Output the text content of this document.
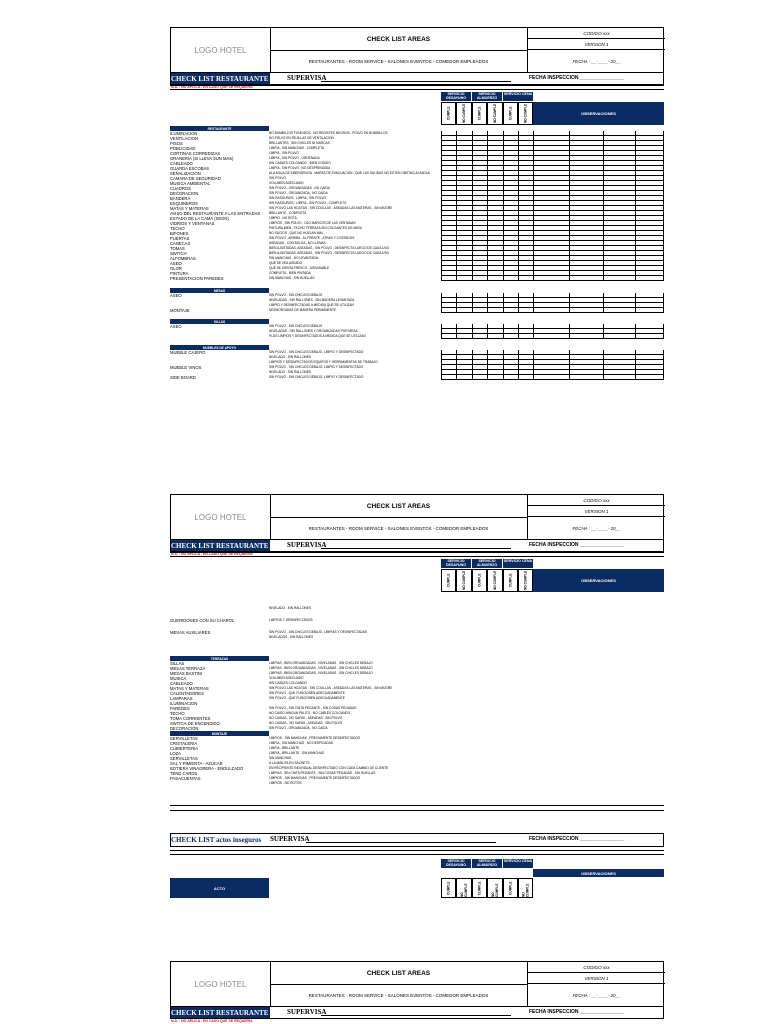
LOGO HOTEL
CHECK LIST AREAS
RESTAURANTES - ROOM SERVICE - SALONES EVENTOS - COMEDOR EMPLEADOS
CODIGO xxx
VERSION 1
FECHA : __-____- 20__
CHECK LIST RESTAURANTE	SUPERVISA	FECHA INSPECCION ________________
N.A. : NO APLICA , EN CASO QUE SE REQUIERA
SERVICIO DESAYUNO
SERVICIO ALMUERZO
SERVICIO CENA
OBSERVACIONES
CUMPLE	NO CUMPLE	CUMPLE	NO CUMPLE	CUMPLE	NO CUMPLE
RESTAURANTE
ILUMINACION	NO BOMBILLOS FUNDIDOS , NO REDISTES NEGROS , POLVO EN BOMBILLOS
VENTILACION	NO POLVO EN REJILLAS DE VENTILACION
PISOS	BRILLANTES , SIN CHICLES NI MARCAS
POBLICIDAD	LIMPIA , SIN MANCHAS , COMPLETA
CORTINAS CORREDIZAS	LIMPIA , SIN POLVO
GRANERIA (SI LLEVA SUN MAS)	LIMPIA , SIN POLVO , ORDENADA
CABLEADO	SIN CABLES COLGANDO , BIEN CODIDO
GUARDA ESCOBAS	LIMPIA , SIN POLVO , NO DESPRENDIDA
SEÑALIZACION	ALA AGUA DE EMERGENCIA , MAPAS DE EVACUACION , QUE LAS SALIDAS NO ESTEN OBSTACULIZADAS
CAMARA DE SEGURIDAD	SIN POLVO
MUSICA AMBIENTAL	VOLUMEN ADECUADO
CUADROS	SIN POLVO , ORGANIZADAS , NO CAIDA
DECORACION	SIN POLVO , ORGANIZADA , NO CAIDA
BANDERA	SIN RASGUÑOS , LIMPIA , SIN POLVO
ESQUINEROS	SIN RASGUÑOS , LIMPIA , SIN POLVO , COMPLETO
MATAS Y MATERAS	SIN POLVO LAS HOJITAS , SIN COLILLAS , ASEADAS LAS MATERAS , SIN MUGRE
AVISO DEL RESTAURANTE A LAS ENTRADAS	BRILLANTE , COMPLETA
ESTADO DE LA CAMA (SEGN)	LIMPIO , NO ROTA
VIDRIOS Y VENTANAS	LIMPIOS , SIN POLVO , OJO MARCOS DE LAS VENTANAS
TECHO	PINTURA BIEN , TECHO TERRAZA SIN COLGANTES DE MAYA
BIFONES	NO SUCIOS , QUE NO HUELAN MAL
PUERTAS	SIN POLVO , ARRIBA , AL FRENTE , ATRAS Y COSTADOS
CANECAS	ASEADAS , CON BOLSA , NO LLENAS
TOMAS	BIEN AJUSTADAS, ASEADAS , SIN POLVO , DESINFECTA LUEGO DE CADA USO
SWITCH	BIEN AJUSTADAS, ASEADAS , SIN POLVO , DESINFECTA LUEGO DE CADA USO
ALFOMBRAS	SIN MANCHAS , NO LEVANTADA
ASEO	QUE SE VEA ASEADO
OLOR	QUE SE SIENTA FRESCO , AGRADABLE
PINTURA	COMPLETA , BIEN PINTADA
PRESENTACION PAREDES	SIN MANCHAS , SIN HUELLAS
MESAS
ASEO	SIN POLVO , SIN CHICLES DEBAJO
NIVELADAS , SIN RALLONES , SIN MADERA LEVANTADA
LIMPIO Y DESINFECTADAS A MEDIDA QUE SE UTILIZAN
MONTAJE	DESMONTADAS DE MANERA PERMANENTE
SILLAS
ASEO	SIN POLVO , SIN CHICLES DEBAJO
NIVELADAS , SIN RALLONES Y ORGANIZADAS POR MESA
PLDS LIMPIOS Y DESINFECTADOS A MEDIDA QUE SE UTILIZAN
MUEBLES DE APOYO
MUEBLE CAJERO	SIN POLVO , SIN CHICLES DEBAJO, LIMPIO Y DESINFECTADO
NIVELADO , SIN RALLONES
LIMPIOS Y DESINFECTADOS EQUIPOS Y HERRAMIENTAS DE TRABAJO
MUEBLE VINOS	SIN POLVO , SIN CHICLES DEBAJO, LIMPIO Y DESINFECTADO
NIVELADO , SIN RALLONES
SIDE BOARD	SIN POLVO , SIN CHICLES DEBAJO, LIMPIO Y DESINFECTADO
LOGO HOTEL
CHECK LIST AREAS
RESTAURANTES - ROOM SERVICE - SALONES EVENTOS - COMEDOR EMPLEADOS
CODIGO xxx
VERSION 1
FECHA : __-____- 20__
CHECK LIST RESTAURANTE	SUPERVISA	FECHA INSPECCION ________________
N.A. : NO APLICA , EN CASO QUE SE REQUIERA
SERVICIO DESAYUNO
SERVICIO ALMUERZO
SERVICIO CENA
OBSERVACIONES
CUMPLE	NO CUMPLE	CUMPLE	NO CUMPLE	CUMPLE	NO CUMPLE
NIVELADO , SIN RALLONES
GUERIDONES CON SU CHAROL	LIMPIOS Y DESINFECTADOS
MESAS AUXILIARES	SIN POLVO , SIN CHICLES DEBAJO, LIMPIAS Y DESINFECTADAS
NIVELADOS , SIN RALLONES
TERRAZAS
SILLAS	LIMPIAS , BIEN ORGANIZADAS , NIVELADAS , SIN CHICLES DEBAJO
MESAS TERRAZA	LIMPIAS , BIEN ORGANIZADAS , NIVELADAS , SIN CHICLES DEBAJO
MESAS BASTINI	LIMPIAS , BIEN ORGANIZADAS , NIVELADAS , SIN CHICLES DEBAJO
MUSICA	VOLUMEN ADECUADO
CABLEADO	SIN CABLES COLGANDO
MATAS Y MATERAS	SIN POLVO LAS HOJITAS , SIN COLILLAS , ASEADAS LAS MATERAS , SIN MUGRE
CALENTADORES	SIN POLVO , QUE FUNCIONEN ADECUADAMENTE
LAMPARAS	SIN POLVO , QUE FUNCIONEN ADECUADAMENTE
ILUMINACION
PAREDES	SIN POLVO , SIN CINTA PEGANTE , SIN COSAS PEGADAS
TECHO	NO CAIDO NINGUN PALITO , NO CABLES COLGANDO ,
TOMA CORRIENTES	NO CAIDAS , NO SAFAS , ASEADAS , SIN POLVO
SWITCH DE ENCENDIDO	NO CAIDAS , NO SAFAS , ASEADAS , SIN POLVO
DECORACION	SIN POLVO , ORGANIZADA , NO CAIDA
MONTAJE
SERVILLETAS	LIMPIOS , SIN MANCHAS , PREVIAMENTE DESINFECTADOS
CRISTALERIA	LIMPIA , SIN MANCHAS , NO DESPICADAS
CUBIERTERIA	LIMPIA , BRILLANTE
LOZA	LIMPIA , BRILLANTE , SIN MANCHAS
SERVILLETAS	SIN MANCHAS ,
SAL Y PIMIENTA - AZUCAR	A LA MINUTA EN SACHETS
BOTIERA VINAGRERA - ENDULZADO	EN RECIPIENTE INDIVIDUAL DESINFECTADO CON CADA CAMBIO DE CLIENTE
TEND CARDS	LIMPIAS , SIN CINTA PEGANTE , SIN COSAS PEGADAS , SIN HUELLAS
PASACUENTAS	LIMPIOS , SIN MANCHAS , PREVIAMENTE DESINFECTADOS
LIMPIOS , NO ROTOS
CHECK LIST actos inseguros	SUPERVISA	FECHA INSPECCION ________________
SERVICIO DESAYUNO
SERVICIO ALMUERZO
SERVICIO CENA
OBSERVACIONES
ACTO	CUMPLE	NO CUMPLE	CUMPLE	NO CUMPLE	CUMPLE	NO CUMPLE
LOGO HOTEL
CHECK LIST AREAS
RESTAURANTES - ROOM SERVICE - SALONES EVENTOS - COMEDOR EMPLEADOS
CODIGO xxx
VERSION 1
FECHA : __-____- 20__
CHECK LIST RESTAURANTE	SUPERVISA	FECHA INSPECCION ________________
N.A. : NO APLICA , EN CASO QUE SE REQUIERA
